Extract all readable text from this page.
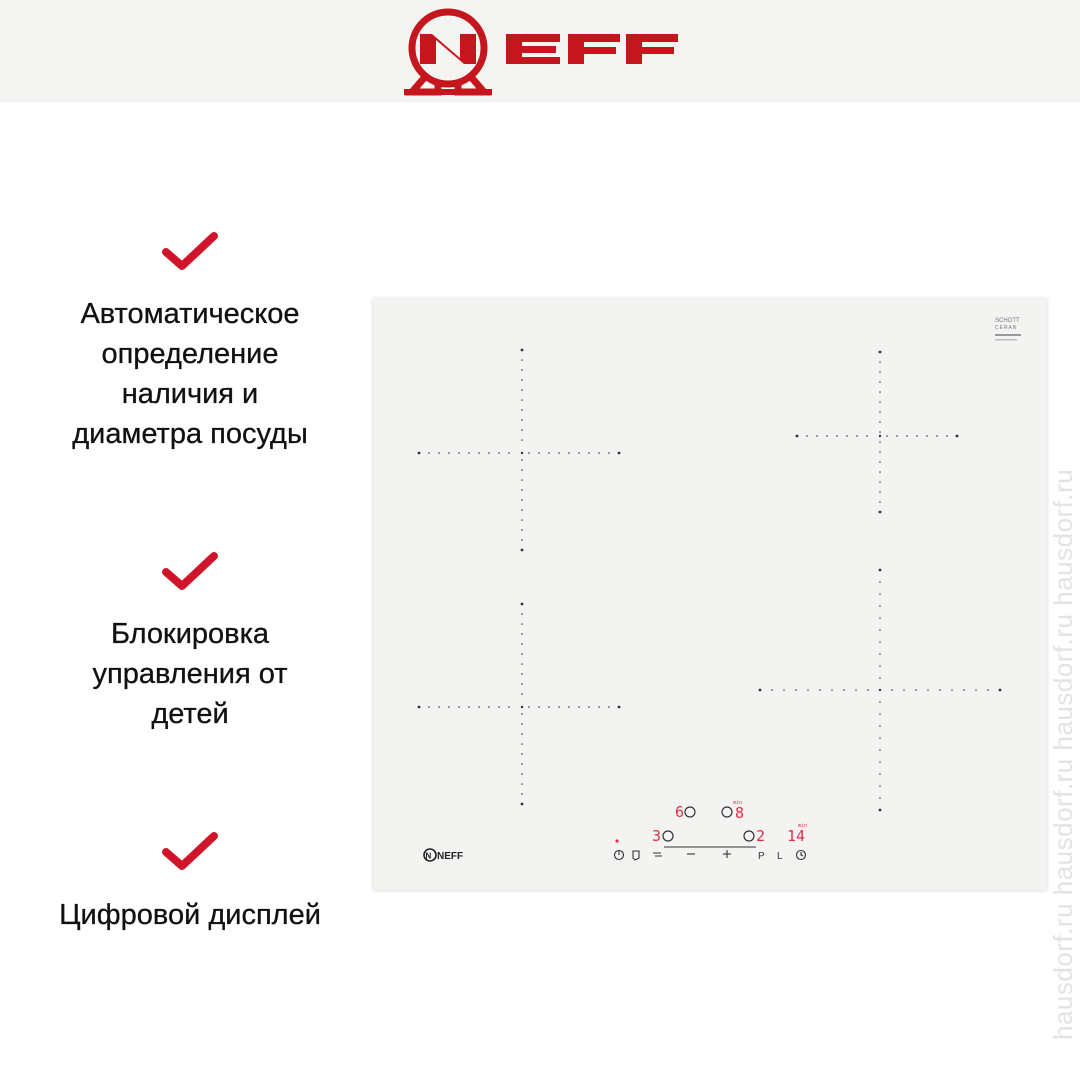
Автоматическое
определение
наличия и
диаметра посуды

Блокировка
управления от
детей

Цифровой дисплей

SCHOTT
CERAN
N NEFF
6	8
min
3	2 14
min
P L	hausdorf.ru hausdorf.ru hausdorf.ru hausdorf.ru
